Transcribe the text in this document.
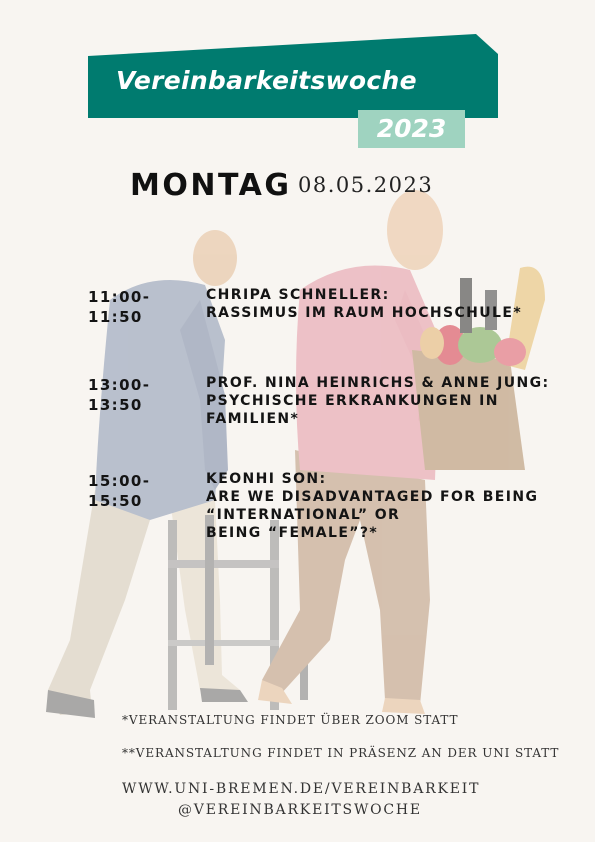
Vereinbarkeitswoche
2023
MONTAG 08.05.2023
11:00-
11:50
CHRIPA SCHNELLER:
RASSIMUS IM RAUM HOCHSCHULE*
13:00-
13:50
PROF. NINA HEINRICHS & ANNE JUNG:
PSYCHISCHE ERKRANKUNGEN IN
FAMILIEN*
15:00-
15:50
KEONHI SON:
ARE WE DISADVANTAGED FOR BEING
“INTERNATIONAL” OR
BEING “FEMALE”?*
*VERANSTALTUNG FINDET ÜBER ZOOM STATT
**VERANSTALTUNG FINDET IN PRÄSENZ AN DER UNI STATT
WWW.UNI-BREMEN.DE/VEREINBARKEIT
@VEREINBARKEITSWOCHE
